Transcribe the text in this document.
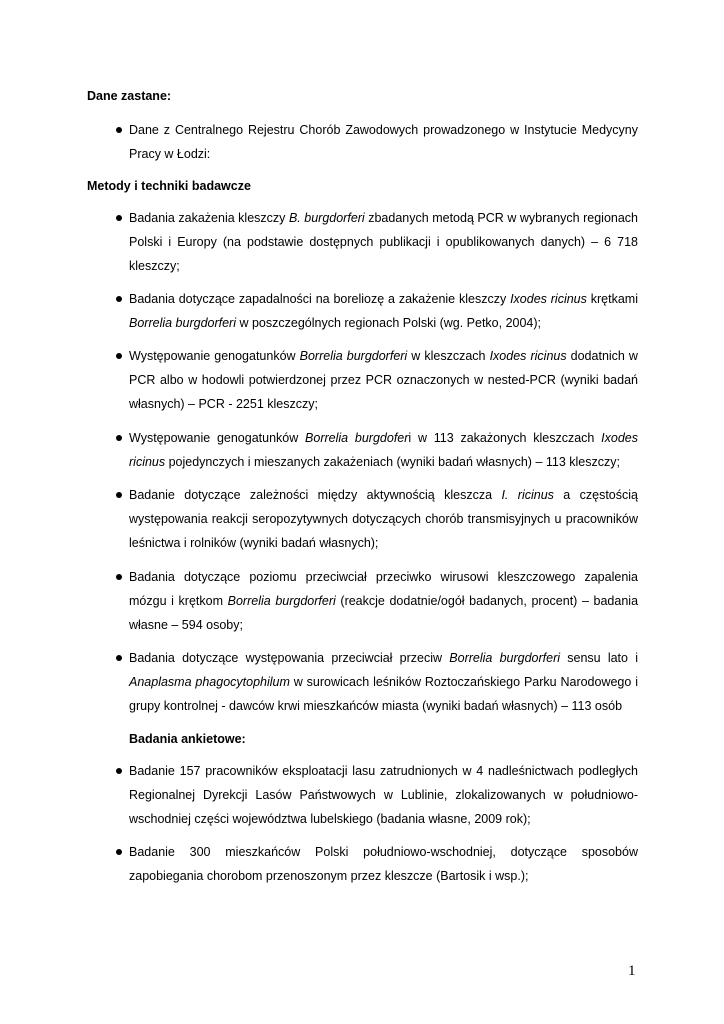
Dane zastane:
Dane z Centralnego Rejestru Chorób Zawodowych prowadzonego w Instytucie Medycyny Pracy w Łodzi:
Metody i techniki badawcze
Badania zakażenia kleszczy B. burgdorferi zbadanych metodą PCR w wybranych regionach Polski i Europy (na podstawie dostępnych publikacji i opublikowanych danych) – 6 718 kleszczy;
Badania dotyczące zapadalności na boreliozę a zakażenie kleszczy Ixodes ricinus krętkami Borrelia burgdorferi w poszczególnych regionach Polski (wg. Petko, 2004);
Występowanie genogatunków Borrelia burgdorferi w kleszczach Ixodes ricinus dodatnich w PCR albo w hodowli potwierdzonej przez PCR oznaczonych w nested-PCR (wyniki badań własnych) – PCR - 2251 kleszczy;
Występowanie genogatunków Borrelia burgdoferi w 113 zakażonych kleszczach Ixodes ricinus pojedynczych i mieszanych zakażeniach (wyniki badań własnych) – 113 kleszczy;
Badanie dotyczące zależności między aktywnością kleszcza I. ricinus a częstością występowania reakcji seropozytywnych dotyczących chorób transmisyjnych u pracowników leśnictwa i rolników (wyniki badań własnych);
Badania dotyczące poziomu przeciwciał przeciwko wirusowi kleszczowego zapalenia mózgu i krętkom Borrelia burgdorferi (reakcje dodatnie/ogół badanych, procent) – badania własne – 594 osoby;
Badania dotyczące występowania przeciwciał przeciw Borrelia burgdorferi sensu lato i Anaplasma phagocytophilum w surowicach leśników Roztoczańskiego Parku Narodowego i grupy kontrolnej - dawców krwi mieszkańców miasta (wyniki badań własnych) – 113 osób
Badania ankietowe:
Badanie 157 pracowników eksploatacji lasu zatrudnionych w 4 nadleśnictwach podległych Regionalnej Dyrekcji Lasów Państwowych w Lublinie, zlokalizowanych w południowo-wschodniej części województwa lubelskiego (badania własne, 2009 rok);
Badanie 300 mieszkańców Polski południowo-wschodniej, dotyczące sposobów zapobiegania chorobom przenoszonym przez kleszcze (Bartosik i wsp.);
1
